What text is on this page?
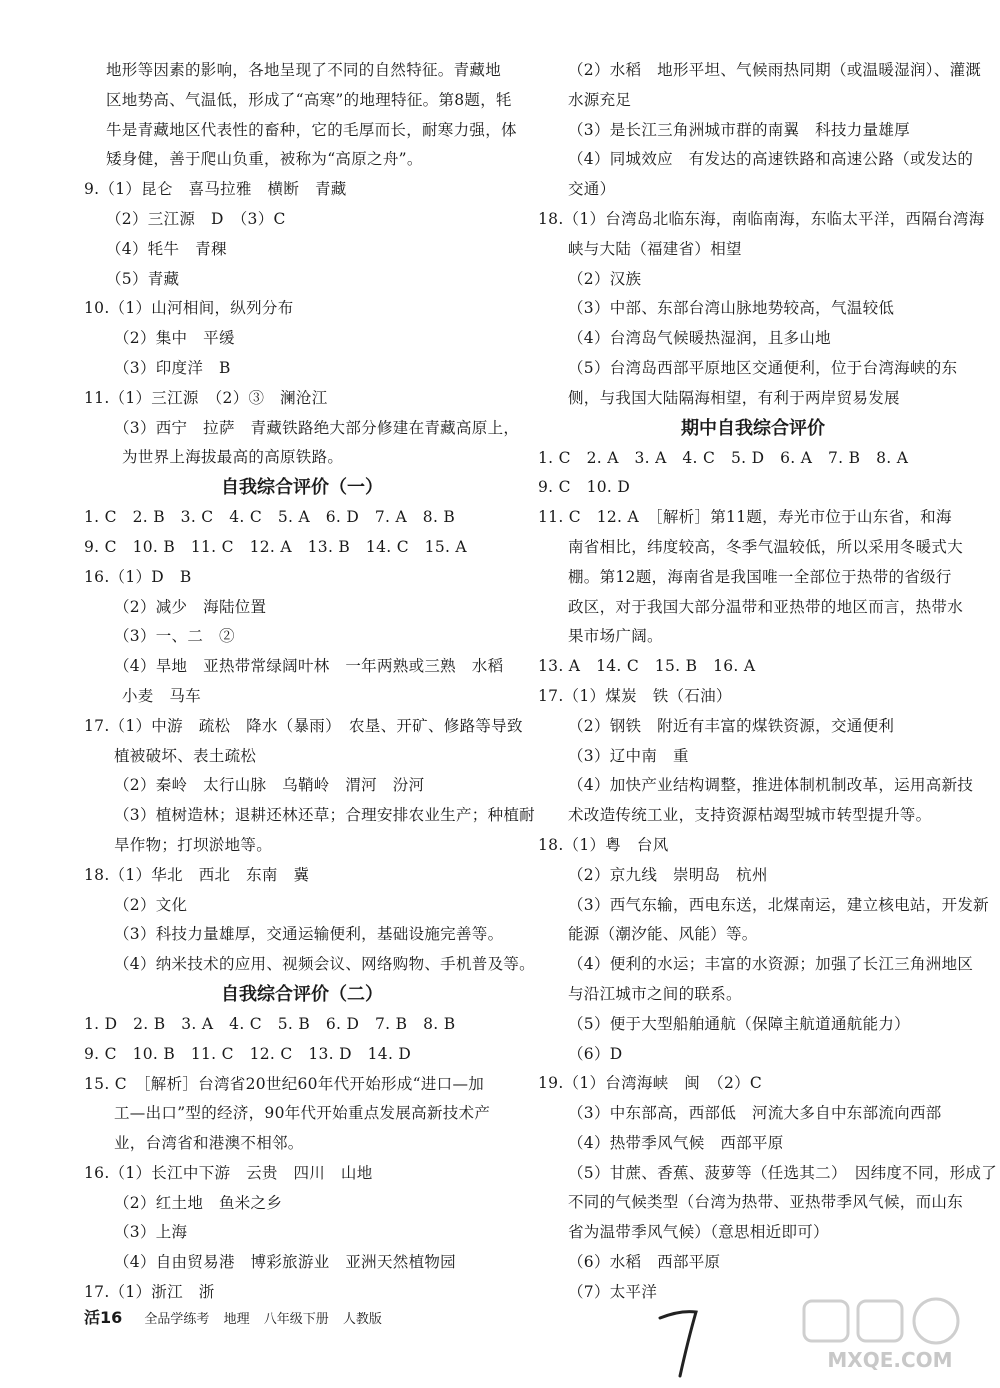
地形等因素的影响，各地呈现了不同的自然特征。青藏地
区地势高、气温低，形成了“高寒”的地理特征。第8题，牦
牛是青藏地区代表性的畜种，它的毛厚而长，耐寒力强，体
矮身健，善于爬山负重，被称为“高原之舟”。
9.（1）昆仑　喜马拉雅　横断　青藏
（2）三江源　D　（3）C
（4）牦牛　青稞
（5）青藏
10.（1）山河相间，纵列分布
（2）集中　平缓
（3）印度洋　B
11.（1）三江源　（2）③　澜沧江
（3）西宁　拉萨　青藏铁路绝大部分修建在青藏高原上，
为世界上海拔最高的高原铁路。
自我综合评价（一）
1. C　2. B　3. C　4. C　5. A　6. D　7. A　8. B
9. C　10. B　11. C　12. A　13. B　14. C　15. A
16.（1）D　B
（2）减少　海陆位置
（3）一、二　②
（4）旱地　亚热带常绿阔叶林　一年两熟或三熟　水稻
小麦　马车
17.（1）中游　疏松　降水（暴雨）　农垦、开矿、修路等导致
植被破坏、表土疏松
（2）秦岭　太行山脉　乌鞘岭　渭河　汾河
（3）植树造林；退耕还林还草；合理安排农业生产；种植耐
旱作物；打坝淤地等。
18.（1）华北　西北　东南　冀
（2）文化
（3）科技力量雄厚，交通运输便利，基础设施完善等。
（4）纳米技术的应用、视频会议、网络购物、手机普及等。
自我综合评价（二）
1. D　2. B　3. A　4. C　5. B　6. D　7. B　8. B
9. C　10. B　11. C　12. C　13. D　14. D
15. C　［解析］台湾省20世纪60年代开始形成“进口—加
工—出口”型的经济，90年代开始重点发展高新技术产
业，台湾省和港澳不相邻。
16.（1）长江中下游　云贵　四川　山地
（2）红土地　鱼米之乡
（3）上海
（4）自由贸易港　博彩旅游业　亚洲天然植物园
17.（1）浙江　浙
（2）水稻　地形平坦、气候雨热同期（或温暖湿润）、灌溉
水源充足
（3）是长江三角洲城市群的南翼　科技力量雄厚
（4）同城效应　有发达的高速铁路和高速公路（或发达的
交通）
18.（1）台湾岛北临东海，南临南海，东临太平洋，西隔台湾海
峡与大陆（福建省）相望
（2）汉族
（3）中部、东部台湾山脉地势较高，气温较低
（4）台湾岛气候暖热湿润，且多山地
（5）台湾岛西部平原地区交通便利，位于台湾海峡的东
侧，与我国大陆隔海相望，有利于两岸贸易发展
期中自我综合评价
1. C　2. A　3. A　4. C　5. D　6. A　7. B　8. A
9. C　10. D
11. C　12. A　［解析］第11题，寿光市位于山东省，和海
南省相比，纬度较高，冬季气温较低，所以采用冬暖式大
棚。第12题，海南省是我国唯一全部位于热带的省级行
政区，对于我国大部分温带和亚热带的地区而言，热带水
果市场广阔。
13. A　14. C　15. B　16. A
17.（1）煤炭　铁（石油）
（2）钢铁　附近有丰富的煤铁资源，交通便利
（3）辽中南　重
（4）加快产业结构调整，推进体制机制改革，运用高新技
术改造传统工业，支持资源枯竭型城市转型提升等。
18.（1）粤　台风
（2）京九线　崇明岛　杭州
（3）西气东输，西电东送，北煤南运，建立核电站，开发新
能源（潮汐能、风能）等。
（4）便利的水运；丰富的水资源；加强了长江三角洲地区
与沿江城市之间的联系。
（5）便于大型船舶通航（保障主航道通航能力）
（6）D
19.（1）台湾海峡　闽　（2）C
（3）中东部高，西部低　河流大多自中东部流向西部
（4）热带季风气候　西部平原
（5）甘蔗、香蕉、菠萝等（任选其二）　因纬度不同，形成了
不同的气候类型（台湾为热带、亚热带季风气候，而山东
省为温带季风气候）（意思相近即可）
（6）水稻　西部平原
（7）太平洋
活16 全品学练考 地理 八年级下册 人教版
MXQE.COM
